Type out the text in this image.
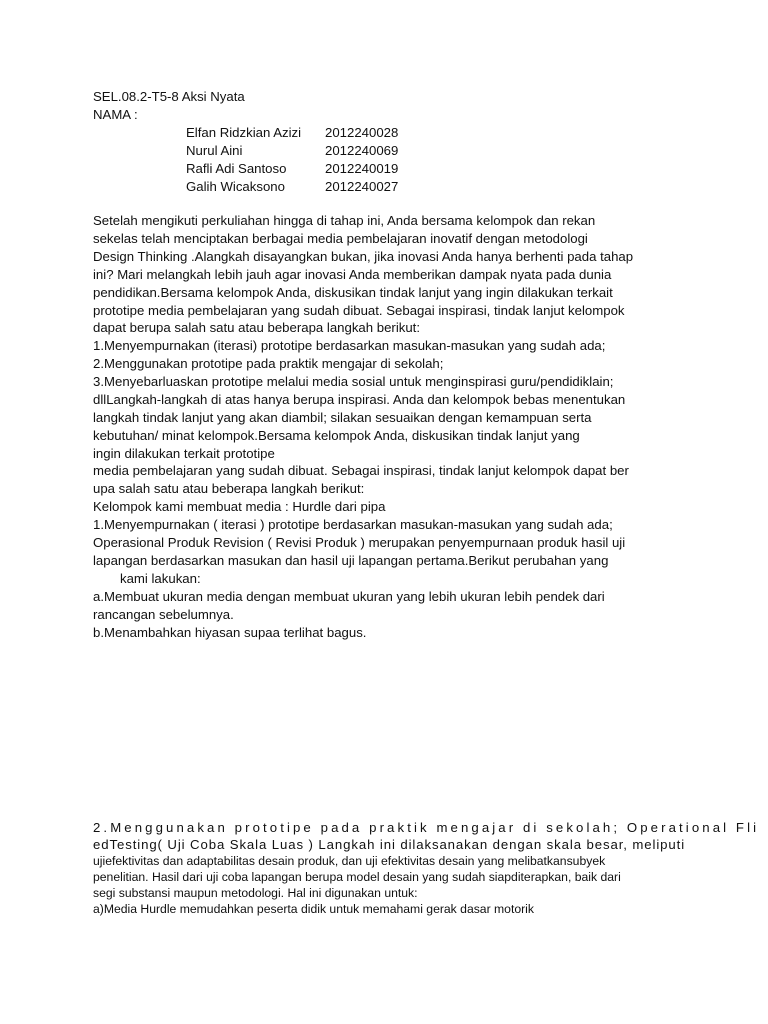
SEL.08.2-T5-8 Aksi Nyata
NAMA :
Elfan Ridzkian Azizi 2012240028
Nurul Aini	2012240069
Rafli Adi Santoso	2012240019
Galih Wicaksono	2012240027
Setelah mengikuti perkuliahan hingga di tahap ini, Anda bersama kelompok dan rekan
sekelas telah menciptakan berbagai media pembelajaran inovatif dengan metodologi
Design Thinking .Alangkah disayangkan bukan, jika inovasi Anda hanya berhenti pada tahap
ini? Mari melangkah lebih jauh agar inovasi Anda memberikan dampak nyata pada dunia
pendidikan.Bersama kelompok Anda, diskusikan tindak lanjut yang ingin dilakukan terkait
prototipe media pembelajaran yang sudah dibuat. Sebagai inspirasi, tindak lanjut kelompok
dapat berupa salah satu atau beberapa langkah berikut:
1.Menyempurnakan (iterasi) prototipe berdasarkan masukan-masukan yang sudah ada;
2.Menggunakan prototipe pada praktik mengajar di sekolah;
3.Menyebarluaskan prototipe melalui media sosial untuk menginspirasi guru/pendidiklain;
dllLangkah-langkah di atas hanya berupa inspirasi. Anda dan kelompok bebas menentukan
langkah tindak lanjut yang akan diambil; silakan sesuaikan dengan kemampuan serta
kebutuhan/ minat kelompok.Bersama kelompok Anda, diskusikan tindak lanjut yang
ingin dilakukan terkait prototipe
media pembelajaran yang sudah dibuat. Sebagai inspirasi, tindak lanjut kelompok dapat ber
upa salah satu atau beberapa langkah berikut:
Kelompok kami membuat media : Hurdle dari pipa
1.Menyempurnakan ( iterasi ) prototipe berdasarkan masukan-masukan yang sudah ada;
Operasional Produk Revision ( Revisi Produk ) merupakan penyempurnaan produk hasil uji
lapangan berdasarkan masukan dan hasil uji lapangan pertama.Berikut perubahan yang
kami lakukan:
a.Membuat ukuran media dengan membuat ukuran yang lebih ukuran lebih pendek dari
rancangan sebelumnya.
b.Menambahkan hiyasan supaa terlihat bagus.
2.Menggunakan prototipe pada praktik mengajar di sekolah; Operational Fli
edTesting( Uji Coba Skala Luas ) Langkah ini dilaksanakan dengan skala besar, meliputi
ujiefektivitas dan adaptabilitas desain produk, dan uji efektivitas desain yang melibatkansubyek
penelitian. Hasil dari uji coba lapangan berupa model desain yang sudah siapditerapkan, baik dari
segi substansi maupun metodologi. Hal ini digunakan untuk:
a)Media Hurdle memudahkan peserta didik untuk memahami gerak dasar motorik
